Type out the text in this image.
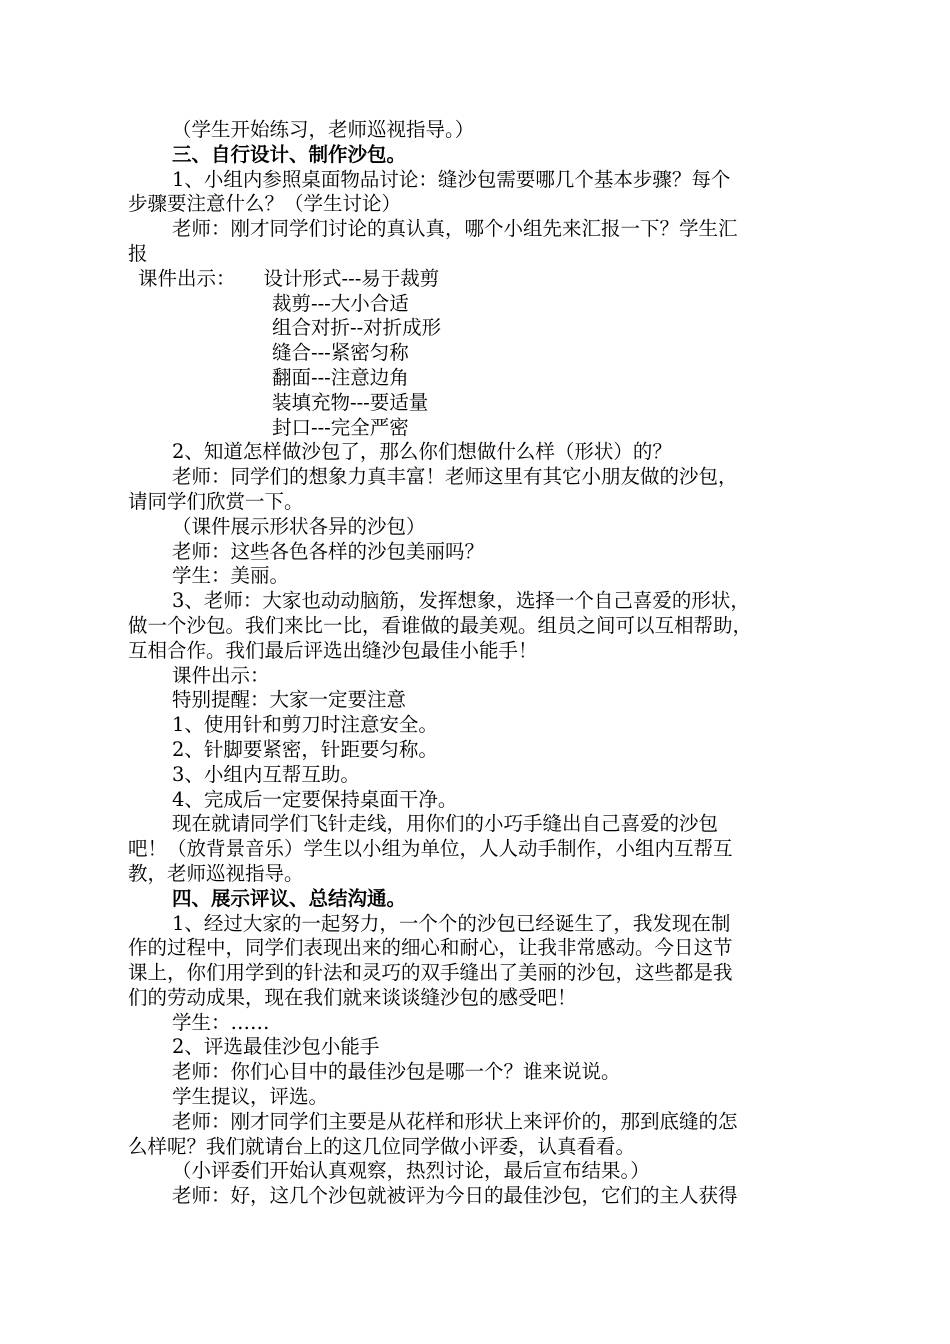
（学生开始练习，老师巡视指导。）
三、自行设计、制作沙包。
1、小组内参照桌面物品讨论：缝沙包需要哪几个基本步骤？每个
步骤要注意什么？（学生讨论）
老师：刚才同学们讨论的真认真，哪个小组先来汇报一下？学生汇
报
课件出示： 设计形式---易于裁剪
裁剪---大小合适
组合对折--对折成形
缝合---紧密匀称
翻面---注意边角
装填充物---要适量
封口---完全严密
2、知道怎样做沙包了，那么你们想做什么样（形状）的？
老师：同学们的想象力真丰富！老师这里有其它小朋友做的沙包，
请同学们欣赏一下。
（课件展示形状各异的沙包）
老师：这些各色各样的沙包美丽吗？
学生：美丽。
3、老师：大家也动动脑筋，发挥想象，选择一个自己喜爱的形状，
做一个沙包。我们来比一比，看谁做的最美观。组员之间可以互相帮助，
互相合作。我们最后评选出缝沙包最佳小能手！
课件出示：
特别提醒：大家一定要注意
1、使用针和剪刀时注意安全。
2、针脚要紧密，针距要匀称。
3、小组内互帮互助。
4、完成后一定要保持桌面干净。
现在就请同学们飞针走线，用你们的小巧手缝出自己喜爱的沙包
吧！（放背景音乐）学生以小组为单位，人人动手制作，小组内互帮互
教，老师巡视指导。
四、展示评议、总结沟通。
1、经过大家的一起努力，一个个的沙包已经诞生了，我发现在制
作的过程中，同学们表现出来的细心和耐心，让我非常感动。今日这节
课上，你们用学到的针法和灵巧的双手缝出了美丽的沙包，这些都是我
们的劳动成果，现在我们就来谈谈缝沙包的感受吧！
学生：……
2、评选最佳沙包小能手
老师：你们心目中的最佳沙包是哪一个？谁来说说。
学生提议，评选。
老师：刚才同学们主要是从花样和形状上来评价的，那到底缝的怎
么样呢？我们就请台上的这几位同学做小评委，认真看看。
（小评委们开始认真观察，热烈讨论，最后宣布结果。）
老师：好，这几个沙包就被评为今日的最佳沙包，它们的主人获得
